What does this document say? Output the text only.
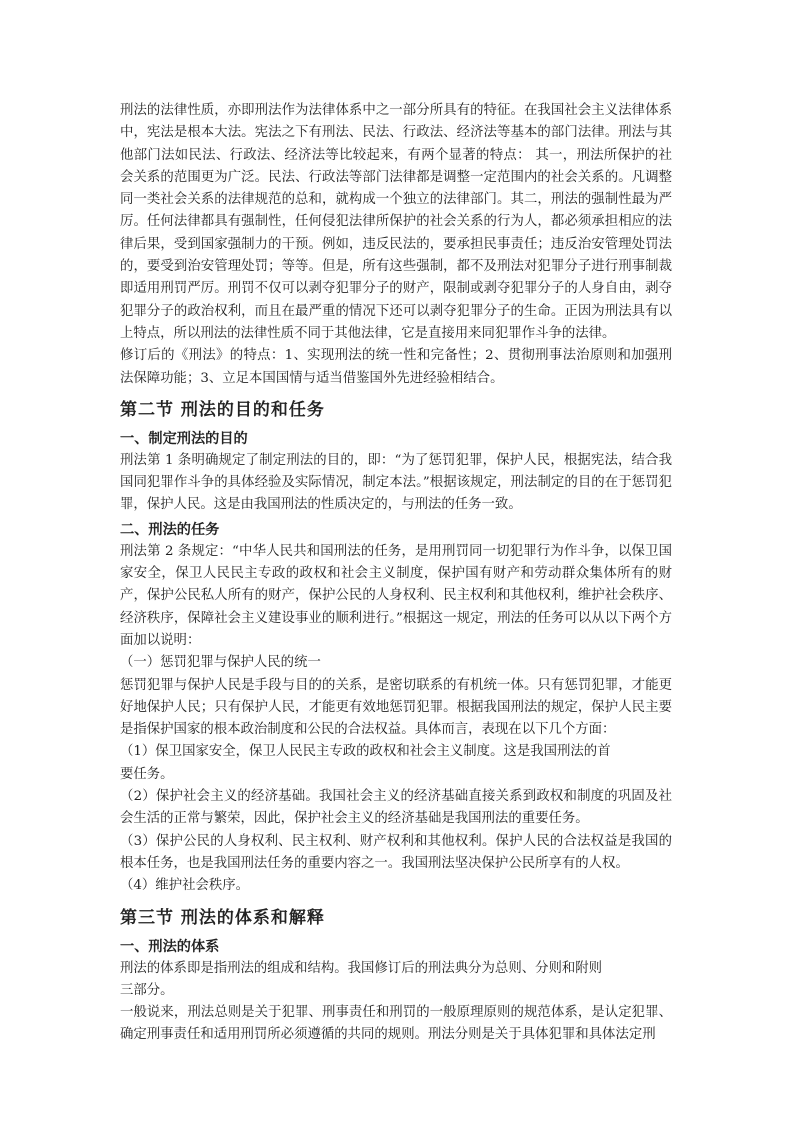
刑法的法律性质，亦即刑法作为法律体系中之一部分所具有的特征。在我国社会主义法律体系中，宪法是根本大法。宪法之下有刑法、民法、行政法、经济法等基本的部门法律。刑法与其他部门法如民法、行政法、经济法等比较起来，有两个显著的特点： 其一，刑法所保护的社会关系的范围更为广泛。民法、行政法等部门法律都是调整一定范围内的社会关系的。凡调整同一类社会关系的法律规范的总和，就构成一个独立的法律部门。其二，刑法的强制性最为严厉。任何法律都具有强制性，任何侵犯法律所保护的社会关系的行为人，都必须承担相应的法律后果，受到国家强制力的干预。例如，违反民法的，要承担民事责任；违反治安管理处罚法的，要受到治安管理处罚；等等。但是，所有这些强制，都不及刑法对犯罪分子进行刑事制裁即适用刑罚严厉。刑罚不仅可以剥夺犯罪分子的财产，限制或剥夺犯罪分子的人身自由，剥夺犯罪分子的政治权利，而且在最严重的情况下还可以剥夺犯罪分子的生命。正因为刑法具有以上特点，所以刑法的法律性质不同于其他法律，它是直接用来同犯罪作斗争的法律。

修订后的《刑法》的特点：1、实现刑法的统一性和完备性；2、贯彻刑事法治原则和加强刑法保障功能；3、立足本国国情与适当借鉴国外先进经验相结合。

第二节 刑法的目的和任务
一、制定刑法的目的

刑法第 1 条明确规定了制定刑法的目的，即：“为了惩罚犯罪，保护人民，根据宪法，结合我国同犯罪作斗争的具体经验及实际情况，制定本法。”根据该规定，刑法制定的目的在于惩罚犯罪，保护人民。这是由我国刑法的性质决定的，与刑法的任务一致。

二、刑法的任务

刑法第 2 条规定：“中华人民共和国刑法的任务，是用刑罚同一切犯罪行为作斗争，以保卫国家安全，保卫人民民主专政的政权和社会主义制度，保护国有财产和劳动群众集体所有的财产，保护公民私人所有的财产，保护公民的人身权利、民主权利和其他权利，维护社会秩序、经济秩序，保障社会主义建设事业的顺利进行。”根据这一规定，刑法的任务可以从以下两个方面加以说明：

（一）惩罚犯罪与保护人民的统一

惩罚犯罪与保护人民是手段与目的的关系，是密切联系的有机统一体。只有惩罚犯罪，才能更好地保护人民；只有保护人民，才能更有效地惩罚犯罪。根据我国刑法的规定，保护人民主要是指保护国家的根本政治制度和公民的合法权益。具体而言，表现在以下几个方面：

（1）保卫国家安全，保卫人民民主专政的政权和社会主义制度。这是我国刑法的首

要任务。

（2）保护社会主义的经济基础。我国社会主义的经济基础直接关系到政权和制度的巩固及社会生活的正常与繁荣，因此，保护社会主义的经济基础是我国刑法的重要任务。

（3）保护公民的人身权利、民主权利、财产权利和其他权利。保护人民的合法权益是我国的根本任务，也是我国刑法任务的重要内容之一。我国刑法坚决保护公民所享有的人权。

（4）维护社会秩序。

第三节 刑法的体系和解释
一、刑法的体系

刑法的体系即是指刑法的组成和结构。我国修订后的刑法典分为总则、分则和附则

三部分。

一般说来，刑法总则是关于犯罪、刑事责任和刑罚的一般原理原则的规范体系，是认定犯罪、确定刑事责任和适用刑罚所必须遵循的共同的规则。刑法分则是关于具体犯罪和具体法定刑
